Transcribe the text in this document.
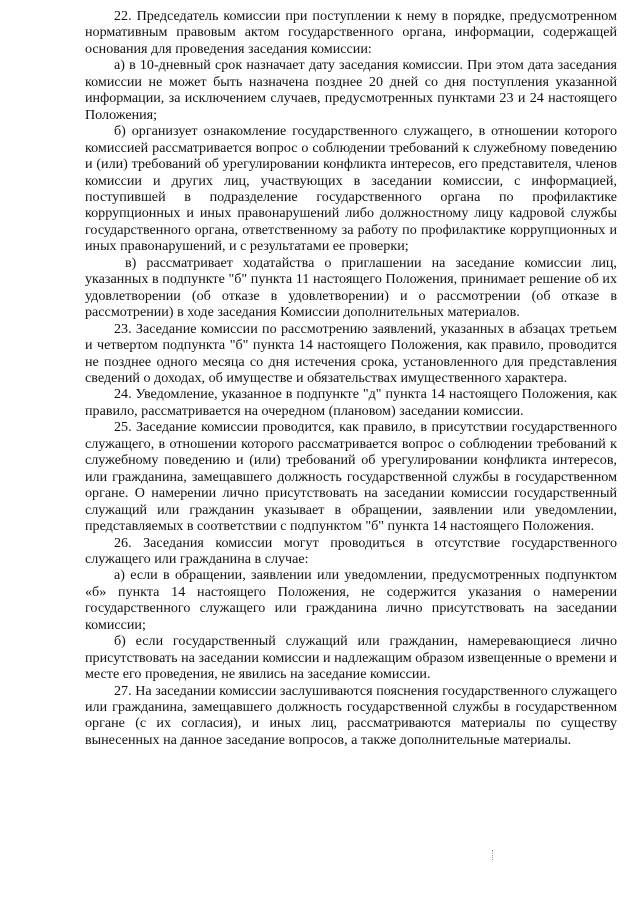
22. Председатель комиссии при поступлении к нему в порядке, предусмотренном нормативным правовым актом государственного органа, информации, содержащей основания для проведения заседания комиссии:

а) в 10-дневный срок назначает дату заседания комиссии. При этом дата заседания комиссии не может быть назначена позднее 20 дней со дня поступления указанной информации, за исключением случаев, предусмотренных пунктами 23 и 24 настоящего Положения;

б) организует ознакомление государственного служащего, в отношении которого комиссией рассматривается вопрос о соблюдении требований к служебному поведению и (или) требований об урегулировании конфликта интересов, его представителя, членов комиссии и других лиц, участвующих в заседании комиссии, с информацией, поступившей в подразделение государственного органа по профилактике коррупционных и иных правонарушений либо должностному лицу кадровой службы государственного органа, ответственному за работу по профилактике коррупционных и иных правонарушений, и с результатами ее проверки;

в) рассматривает ходатайства о приглашении на заседание комиссии лиц, указанных в подпункте "б" пункта 11 настоящего Положения, принимает решение об их удовлетворении (об отказе в удовлетворении) и о рассмотрении (об отказе в рассмотрении) в ходе заседания Комиссии дополнительных материалов.

23. Заседание комиссии по рассмотрению заявлений, указанных в абзацах третьем и четвертом подпункта "б" пункта 14 настоящего Положения, как правило, проводится не позднее одного месяца со дня истечения срока, установленного для представления сведений о доходах, об имуществе и обязательствах имущественного характера.

24. Уведомление, указанное в подпункте "д" пункта 14 настоящего Положения, как правило, рассматривается на очередном (плановом) заседании комиссии.

25. Заседание комиссии проводится, как правило, в присутствии государственного служащего, в отношении которого рассматривается вопрос о соблюдении требований к служебному поведению и (или) требований об урегулировании конфликта интересов, или гражданина, замещавшего должность государственной службы в государственном органе. О намерении лично присутствовать на заседании комиссии государственный служащий или гражданин указывает в обращении, заявлении или уведомлении, представляемых в соответствии с подпунктом "б" пункта 14 настоящего Положения.

26. Заседания комиссии могут проводиться в отсутствие государственного служащего или гражданина в случае:

а) если в обращении, заявлении или уведомлении, предусмотренных подпунктом «б» пункта 14 настоящего Положения, не содержится указания о намерении государственного служащего или гражданина лично присутствовать на заседании комиссии;

б) если государственный служащий или гражданин, намеревающиеся лично присутствовать на заседании комиссии и надлежащим образом извещенные о времени и месте его проведения, не явились на заседание комиссии.

27. На заседании комиссии заслушиваются пояснения государственного служащего или гражданина, замещавшего должность государственной службы в государственном органе (с их согласия), и иных лиц, рассматриваются материалы по существу вынесенных на данное заседание вопросов, а также дополнительные материалы.
